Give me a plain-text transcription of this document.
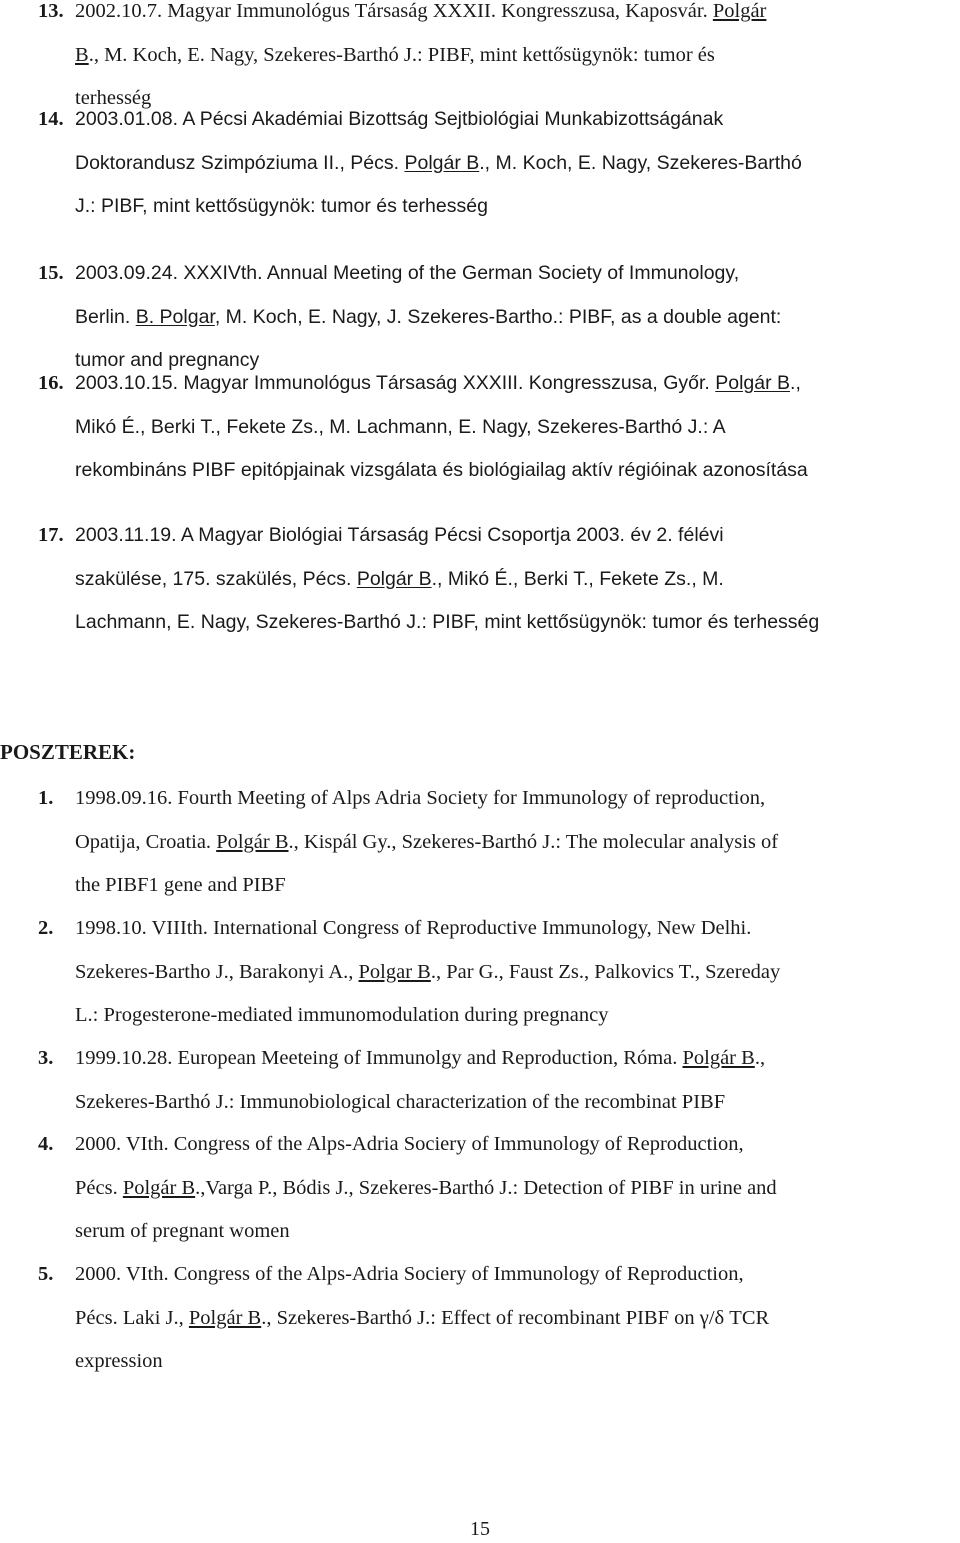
13. 2002.10.7. Magyar Immunológus Társaság XXXII. Kongresszusa, Kaposvár. Polgár
B., M. Koch, E. Nagy, Szekeres-Barthó J.: PIBF, mint kettősügynök: tumor és
terhesség
14. 2003.01.08. A Pécsi Akadémiai Bizottság Sejtbiológiai Munkabizottságának
Doktorandusz Szimpóziuma II., Pécs. Polgár B., M. Koch, E. Nagy, Szekeres-Barthó
J.: PIBF, mint kettősügynök: tumor és terhesség
15. 2003.09.24. XXXIVth. Annual Meeting of the German Society of Immunology,
Berlin. B. Polgar, M. Koch, E. Nagy, J. Szekeres-Bartho.: PIBF, as a double agent:
tumor and pregnancy
16. 2003.10.15. Magyar Immunológus Társaság XXXIII. Kongresszusa, Győr. Polgár B.,
Mikó É., Berki T., Fekete Zs., M. Lachmann, E. Nagy, Szekeres-Barthó J.: A
rekombináns PIBF epitópjainak vizsgálata és biológiailag aktív régióinak azonosítása
17. 2003.11.19. A Magyar Biológiai Társaság Pécsi Csoportja 2003. év 2. félévi
szakülése, 175. szakülés, Pécs. Polgár B., Mikó É., Berki T., Fekete Zs., M.
Lachmann, E. Nagy, Szekeres-Barthó J.: PIBF, mint kettősügynök: tumor és terhesség
POSZTEREK:
1. 1998.09.16. Fourth Meeting of Alps Adria Society for Immunology of reproduction,
Opatija, Croatia. Polgár B., Kispál Gy., Szekeres-Barthó J.: The molecular analysis of
the PIBF1 gene and PIBF
2. 1998.10. VIIIth. International Congress of Reproductive Immunology, New Delhi.
Szekeres-Bartho J., Barakonyi A., Polgar B., Par G., Faust Zs., Palkovics T., Szereday
L.: Progesterone-mediated immunomodulation during pregnancy
3. 1999.10.28. European Meeteing of Immunolgy and Reproduction, Róma. Polgár B.,
Szekeres-Barthó J.: Immunobiological characterization of the recombinat PIBF
4. 2000. VIth. Congress of the Alps-Adria Sociery of Immunology of Reproduction,
Pécs. Polgár B.,Varga P., Bódis J., Szekeres-Barthó J.: Detection of PIBF in urine and
serum of pregnant women
5. 2000. VIth. Congress of the Alps-Adria Sociery of Immunology of Reproduction,
Pécs. Laki J., Polgár B., Szekeres-Barthó J.: Effect of recombinant PIBF on γ/δ TCR
expression
15
